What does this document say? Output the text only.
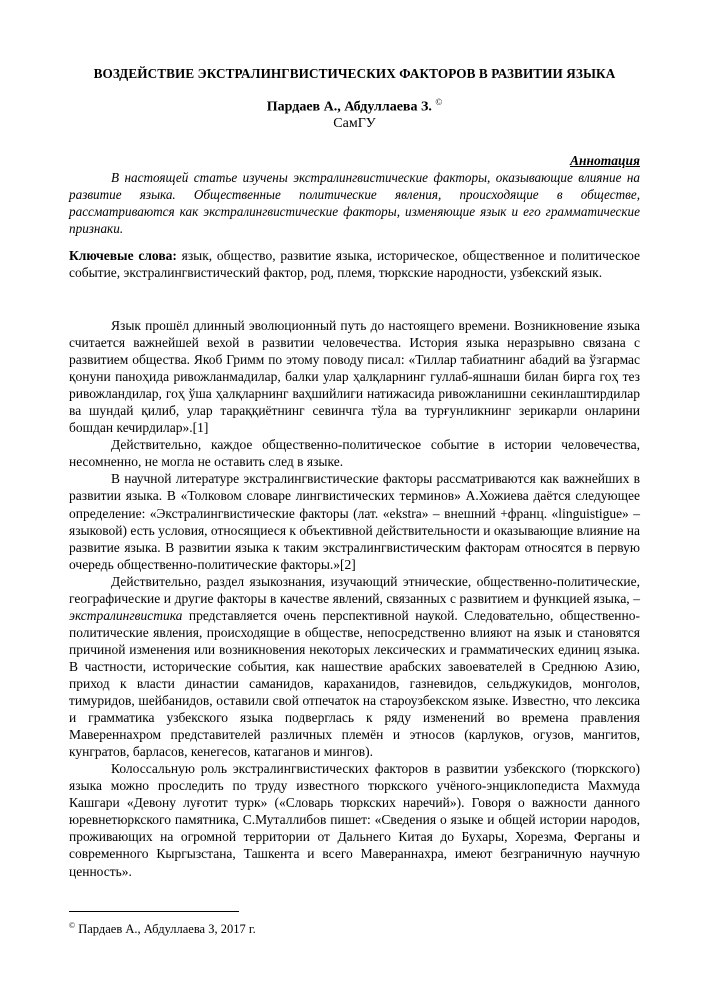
ВОЗДЕЙСТВИЕ ЭКСТРАЛИНГВИСТИЧЕСКИХ ФАКТОРОВ В РАЗВИТИИ ЯЗЫКА
Пардаев А., Абдуллаева З. ©
СамГУ
Аннотация

В настоящей статье изучены экстралингвистические факторы, оказывающие влияние на развитие языка. Общественные политические явления, происходящие в обществе, рассматриваются как экстралингвистические факторы, изменяющие язык и его грамматические признаки.

Ключевые слова: язык, общество, развитие языка, историческое, общественное и политическое событие, экстралингвистический фактор, род, племя, тюркские народности, узбекский язык.

Язык прошёл длинный эволюционный путь до настоящего времени. Возникновение языка считается важнейшей вехой в развитии человечества. История языка неразрывно связана с развитием общества. Якоб Гримм по этому поводу писал: «Тиллар табиатнинг абадий ва ўзгармас қонуни паноҳида ривожланмадилар, балки улар ҳалқларнинг гуллаб-яшнаши билан бирга гоҳ тез ривожландилар, гоҳ ўша ҳалқларнинг ваҳшийлиги натижасида ривожланишни секинлаштирдилар ва шундай қилиб, улар тараққиётнинг севинчга тўла ва турғунликнинг зерикарли онларини бошдан кечирдилар».[1]

Действительно, каждое общественно-политическое событие в истории человечества, несомненно, не могла не оставить след в языке.

В научной литературе экстралингвистические факторы рассматриваются как важнейших в развитии языка. В «Толковом словаре лингвистических терминов» А.Хожиева даётся следующее определение: «Экстралингвистические факторы (лат. «ekstra» – внешний +франц. «linguistigue» – языковой) есть условия, относящиеся к объективной действительности и оказывающие влияние на развитие языка. В развитии языка к таким экстралингвистическим факторам относятся в первую очередь общественно-политические факторы.»[2]

Действительно, раздел языкознания, изучающий этнические, общественно-политические, географические и другие факторы в качестве явлений, связанных с развитием и функцией языка, – экстралингвистика представляется очень перспективной наукой. Следовательно, общественно-политические явления, происходящие в обществе, непосредственно влияют на язык и становятся причиной изменения или возникновения некоторых лексических и грамматических единиц языка. В частности, исторические события, как нашествие арабских завоевателей в Среднюю Азию, приход к власти династии саманидов, караханидов, газневидов, сельджукидов, монголов, тимуридов, шейбанидов, оставили свой отпечаток на староузбекском языке. Известно, что лексика и грамматика узбекского языка подверглась к ряду изменений во времена правления Мавереннахром представителей различных племён и этносов (карлуков, огузов, мангитов, кунгратов, барласов, кенегесов, катаганов и мингов).

Колоссальную роль экстралингвистических факторов в развитии узбекского (тюркского) языка можно проследить по труду известного тюркского учёного-энциклопедиста Махмуда Кашгари «Девону луғотит турк» («Словарь тюркских наречий»). Говоря о важности данного юревнетюркского памятника, С.Муталлибов пишет: «Сведения о языке и общей истории народов, проживающих на огромной территории от Дальнего Китая до Бухары, Хорезма, Ферганы и современного Кыргызстана, Ташкента и всего Мавераннахра, имеют безграничную научную ценность».

© Пардаев А., Абдуллаева З, 2017 г.
